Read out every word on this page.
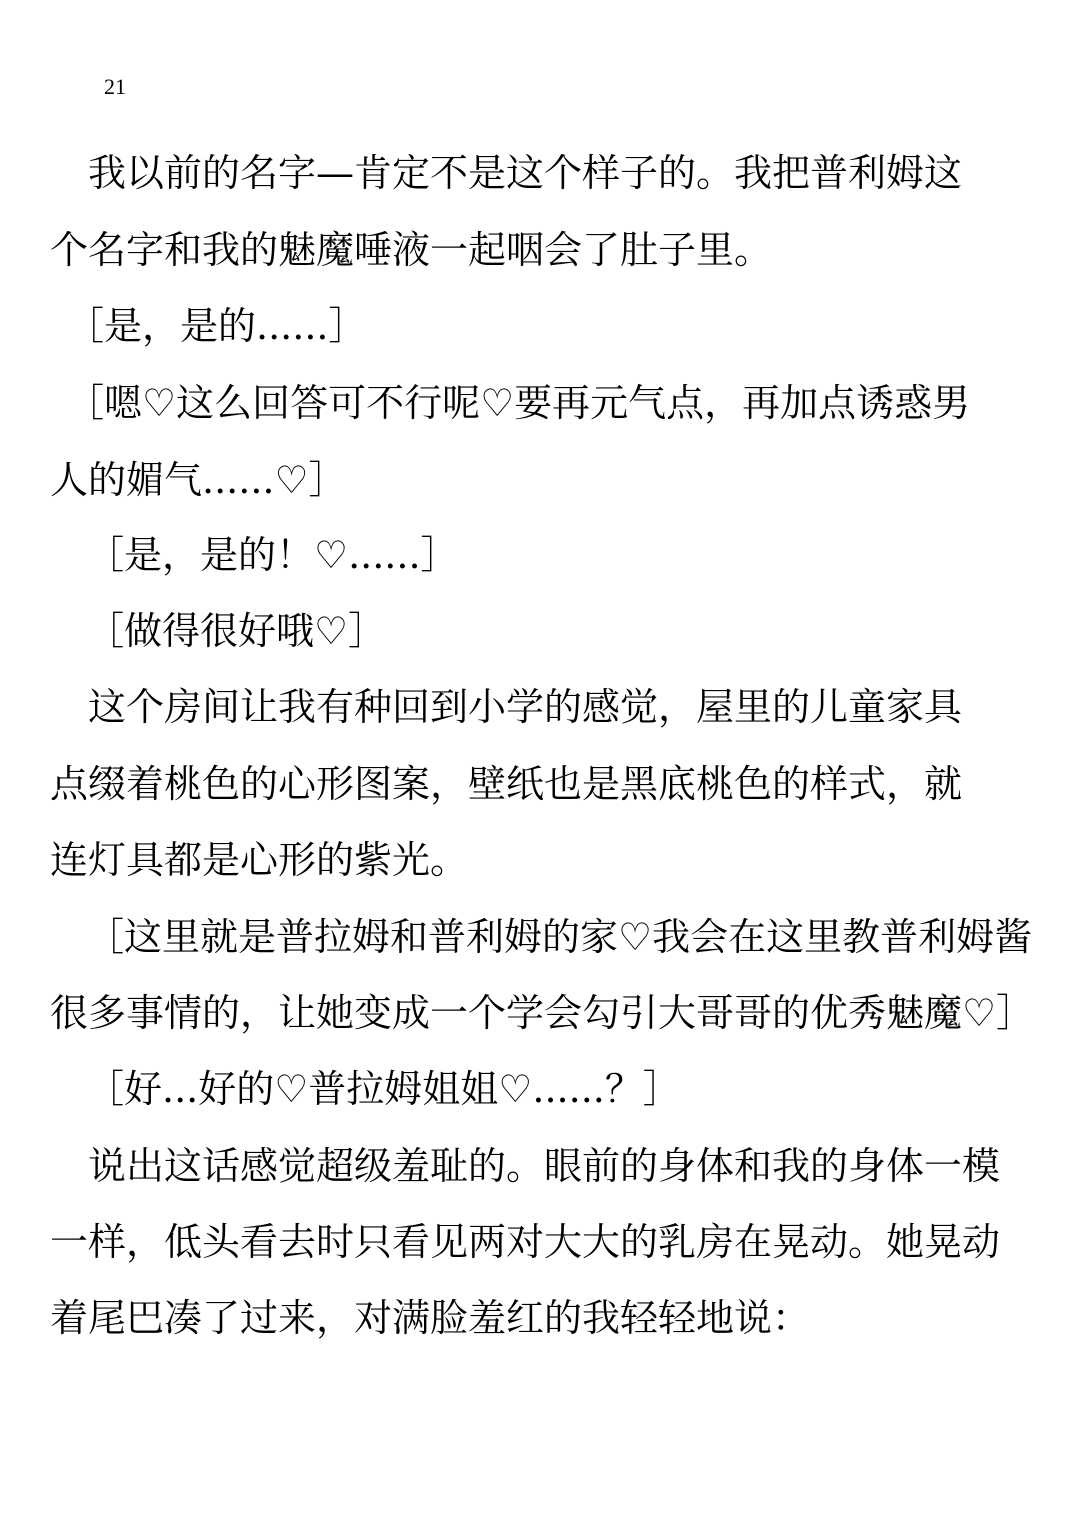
21
我以前的名字—肯定不是这个样子的。我把普利姆这
个名字和我的魅魔唾液一起咽会了肚子里。
［是，是的......］
［嗯♡这么回答可不行呢♡要再元气点，再加点诱惑男
人的媚气......♡］
［是，是的！♡......］
［做得很好哦♡］
这个房间让我有种回到小学的感觉，屋里的儿童家具
点缀着桃色的心形图案，壁纸也是黑底桃色的样式，就
连灯具都是心形的紫光。
［这里就是普拉姆和普利姆的家♡我会在这里教普利姆酱
很多事情的，让她变成一个学会勾引大哥哥的优秀魅魔♡］
［好...好的♡普拉姆姐姐♡......？］
说出这话感觉超级羞耻的。眼前的身体和我的身体一模
一样，低头看去时只看见两对大大的乳房在晃动。她晃动
着尾巴凑了过来，对满脸羞红的我轻轻地说：
